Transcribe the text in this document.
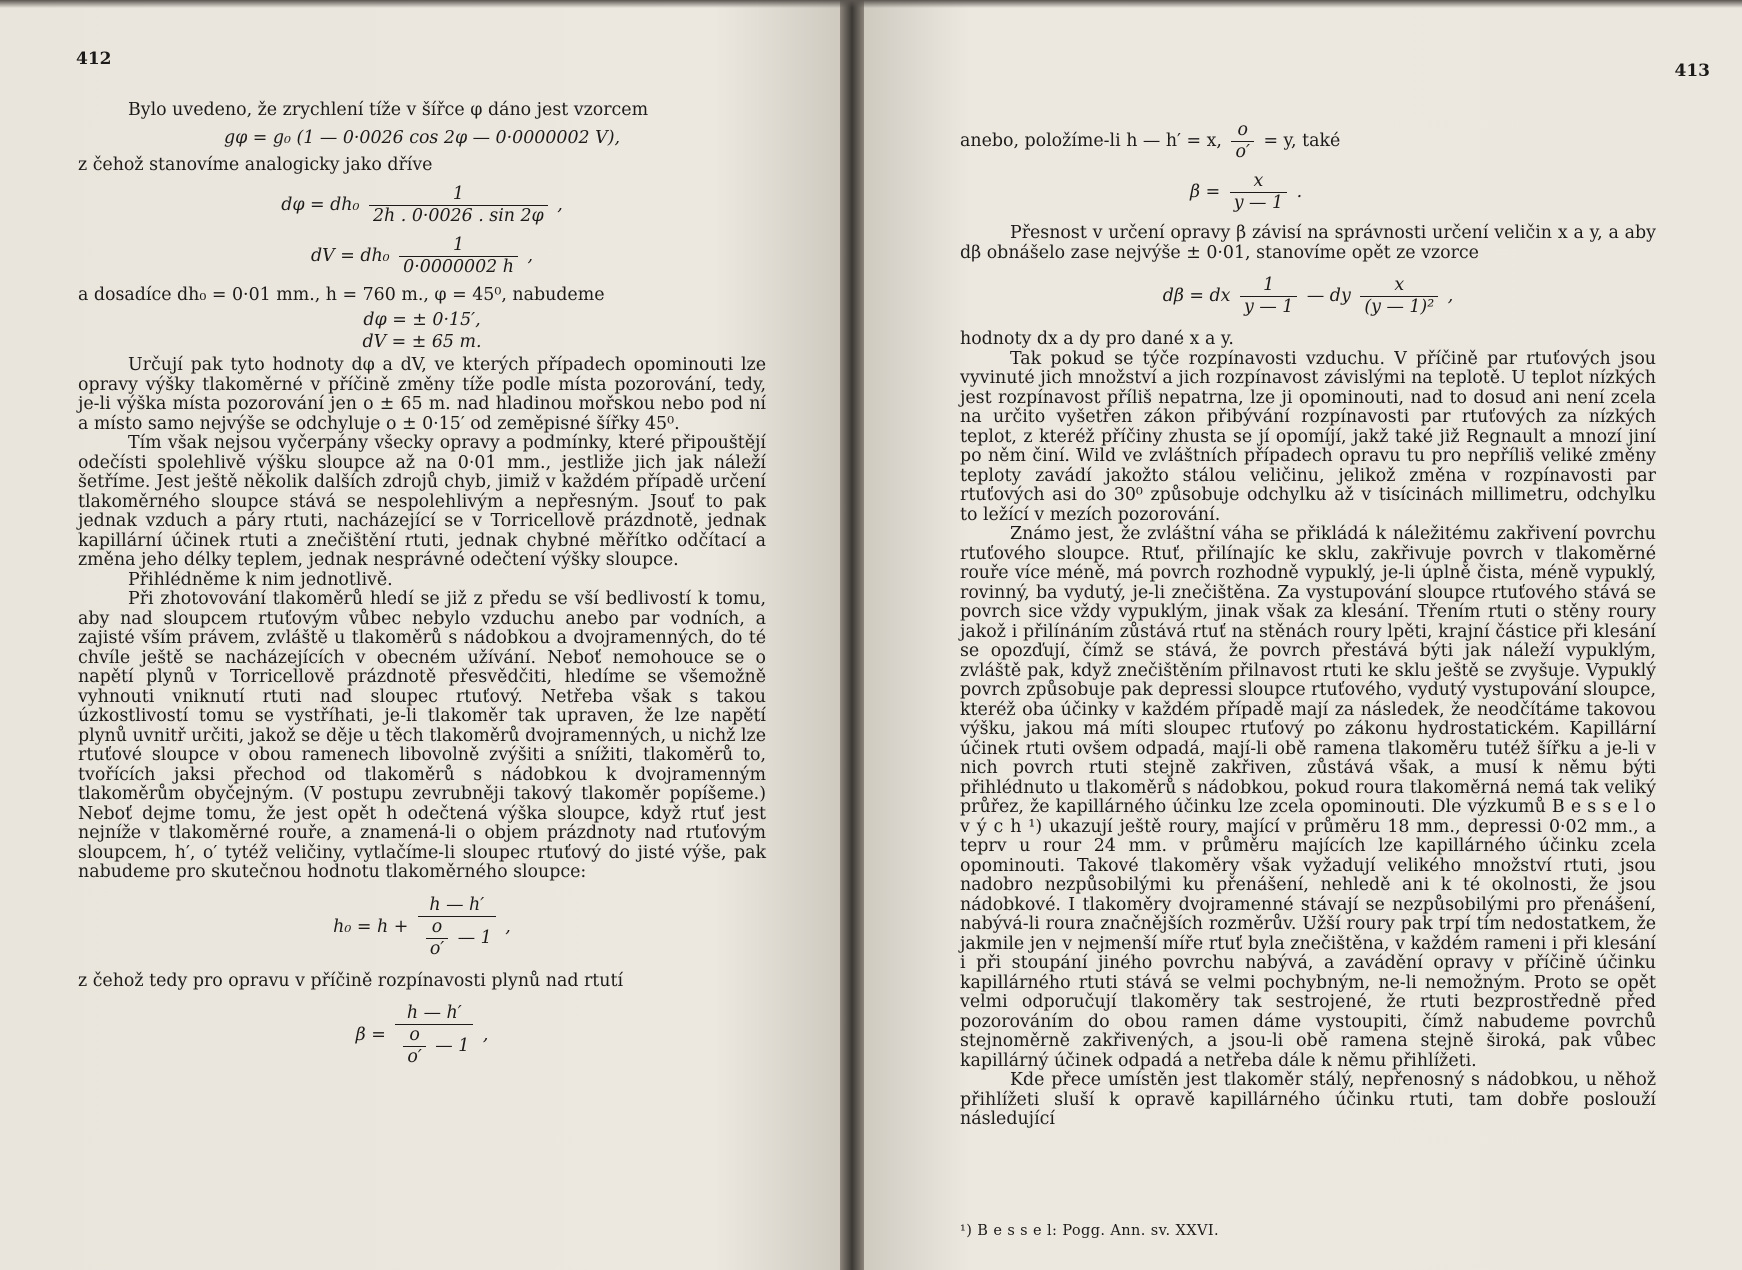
412

Bylo uvedeno, že zrychlení tíže v šířce φ dáno jest vzorcem

gφ = g₀ (1 — 0·0026 cos 2φ — 0·0000002 V),

z čehož stanovíme analogicky jako dříve

$d\varphi = dh_0 \frac{1}{2h . 0\cdot 0026 . \sin 2\varphi}$ ,
dV = $dh_0 \frac{1}{0\cdot 0000002 h}$ ,

a dosadíce dh₀ = 0·01 mm., h = 760 m., φ = 45⁰, nabudeme

dφ = ± 0·15′,
dV = ± 65 m.

Určují pak tyto hodnoty dφ a dV, ve kterých případech opominouti lze opravy výšky tlakoměrné v příčině změny tíže podle místa pozorování, tedy, je-li výška místa pozorování jen o ± 65 m. nad hladinou mořskou nebo pod ní a místo samo nejvýše se odchyluje o ± 0·15′ od zeměpisné šířky 45⁰.

Tím však nejsou vyčerpány všecky opravy a podmínky, které připouštějí odečísti spolehlivě výšku sloupce až na 0·01 mm., jestliže jich jak náleží šetříme. Jest ještě několik dalších zdrojů chyb, jimiž v každém případě určení tlakoměrného sloupce stává se nespolehlivým a nepřesným. Jsouť to pak jednak vzduch a páry rtuti, nacházející se v Torricellově prázdnotě, jednak kapillární účinek rtuti a znečištění rtuti, jednak chybné měřítko odčítací a změna jeho délky teplem, jednak nesprávné odečtení výšky sloupce.

Přihlédněme k nim jednotlivě.

Při zhotovování tlakoměrů hledí se již z předu se vší bedlivostí k tomu, aby nad sloupcem rtuťovým vůbec nebylo vzduchu anebo par vodních, a zajisté vším právem, zvláště u tlakoměrů s nádobkou a dvojramenných, do té chvíle ještě se nacházejících v obecném užívání. Neboť nemohouce se o napětí plynů v Torricellově prázdnotě přesvědčiti, hledíme se všemožně vyhnouti vniknutí rtuti nad sloupec rtuťový. Netřeba však s takou úzkostlivostí tomu se vystříhati, je-li tlakoměr tak upraven, že lze napětí plynů uvnitř určiti, jakož se děje u těch tlakoměrů dvojramenných, u nichž lze rtuťové sloupce v obou ramenech libovolně zvýšiti a snížiti, tlakoměrů to, tvořících jaksi přechod od tlakoměrů s nádobkou k dvojramenným tlakoměrům obyčejným. (V postupu zevrubněji takový tlakoměr popíšeme.) Neboť dejme tomu, že jest opět h odečtená výška sloupce, když rtuť jest nejníže v tlakoměrné rouře, a znamená-li o objem prázdnoty nad rtuťovým sloupcem, h′, o′ tytéž veličiny, vytlačíme-li sloupec rtuťový do jisté výše, pak nabudeme pro skutečnou hodnotu tlakoměrného sloupce:

$h_0 = h + \frac{h — h'}{\frac{o}{o'} — 1}$ ,

z čehož tedy pro opravu v příčině rozpínavosti plynů nad rtutí

$\beta = \frac{h — h'}{\frac{o}{o'} — 1}$ ,
413

anebo, položíme-li h — h′ = x, $\frac{o}{o'} = y$, také

$\beta = \frac{x}{y — 1}$ .

Přesnost v určení opravy β závisí na správnosti určení veličin x a y, a aby dβ obnášelo zase nejvýše ± 0·01, stanovíme opět ze vzorce

dβ = dx $\frac{1}{y — 1}$ — dy $\frac{x}{\text{(y — 1)²}}$ ,

hodnoty dx a dy pro dané x a y.

Tak pokud se týče rozpínavosti vzduchu. V příčině par rtuťových jsou vyvinuté jich množství a jich rozpínavost závislými na teplotě. U teplot nízkých jest rozpínavost příliš nepatrna, lze ji opominouti, nad to dosud ani není zcela na určito vyšetřen zákon přibývání rozpínavosti par rtuťových za nízkých teplot, z kteréž příčiny zhusta se jí opomíjí, jakž také již Regnault a mnozí jiní po něm činí. Wild ve zvláštních případech opravu tu pro nepříliš veliké změny teploty zavádí jakožto stálou veličinu, jelikož změna v rozpínavosti par rtuťových asi do 30⁰ způsobuje odchylku až v tisícinách millimetru, odchylku to ležící v mezích pozorování.

Známo jest, že zvláštní váha se přikládá k náležitému zakřivení povrchu rtuťového sloupce. Rtuť, přilínajíc ke sklu, zakřivuje povrch v tlakoměrné rouře více méně, má povrch rozhodně vypuklý, je-li úplně čista, méně vypuklý, rovinný, ba vydutý, je-li znečištěna. Za vystupování sloupce rtuťového stává se povrch sice vždy vypuklým, jinak však za klesání. Třením rtuti o stěny roury jakož i přilínáním zůstává rtuť na stěnách roury lpěti, krajní částice při klesání se opozďují, čímž se stává, že povrch přestává býti jak náleží vypuklým, zvláště pak, když znečištěním přilnavost rtuti ke sklu ještě se zvyšuje. Vypuklý povrch způsobuje pak depressi sloupce rtuťového, vydutý vystupování sloupce, kteréž oba účinky v každém případě mají za následek, že neodčítáme takovou výšku, jakou má míti sloupec rtuťový po zákonu hydrostatickém. Kapillární účinek rtuti ovšem odpadá, mají-li obě ramena tlakoměru tutéž šířku a je-li v nich povrch rtuti stejně zakřiven, zůstává však, a musí k němu býti přihlédnuto u tlakoměrů s nádobkou, pokud roura tlakoměrná nemá tak veliký průřez, že kapillárného účinku lze zcela opominouti. Dle výzkumů B e s s e l o v ý c h ¹) ukazují ještě roury, mající v průměru 18 mm., depressi 0·02 mm., a teprv u rour 24 mm. v průměru majících lze kapillárného účinku zcela opominouti. Takové tlakoměry však vyžadují velikého množství rtuti, jsou nadobro nezpůsobilými ku přenášení, nehledě ani k té okolnosti, že jsou nádobkové. I tlakoměry dvojramenné stávají se nezpůsobilými pro přenášení, nabývá-li roura značnějších rozměrův. Užší roury pak trpí tím nedostatkem, že jakmile jen v nejmenší míře rtuť byla znečištěna, v každém rameni i při klesání i při stoupání jiného povrchu nabývá, a zavádění opravy v příčině účinku kapillárného rtuti stává se velmi pochybným, ne-li nemožným. Proto se opět velmi odporučují tlakoměry tak sestrojené, že rtuti bezprostředně před pozorováním do obou ramen dáme vystoupiti, čímž nabudeme povrchů stejnoměrně zakřivených, a jsou-li obě ramena stejně široká, pak vůbec kapillárný účinek odpadá a netřeba dále k němu přihlížeti.

Kde přece umístěn jest tlakoměr stálý, nepřenosný s nádobkou, u něhož přihlížeti sluší k opravě kapillárného účinku rtuti, tam dobře poslouží následující

¹) B e s s e l: Pogg. Ann. sv. XXVI.
